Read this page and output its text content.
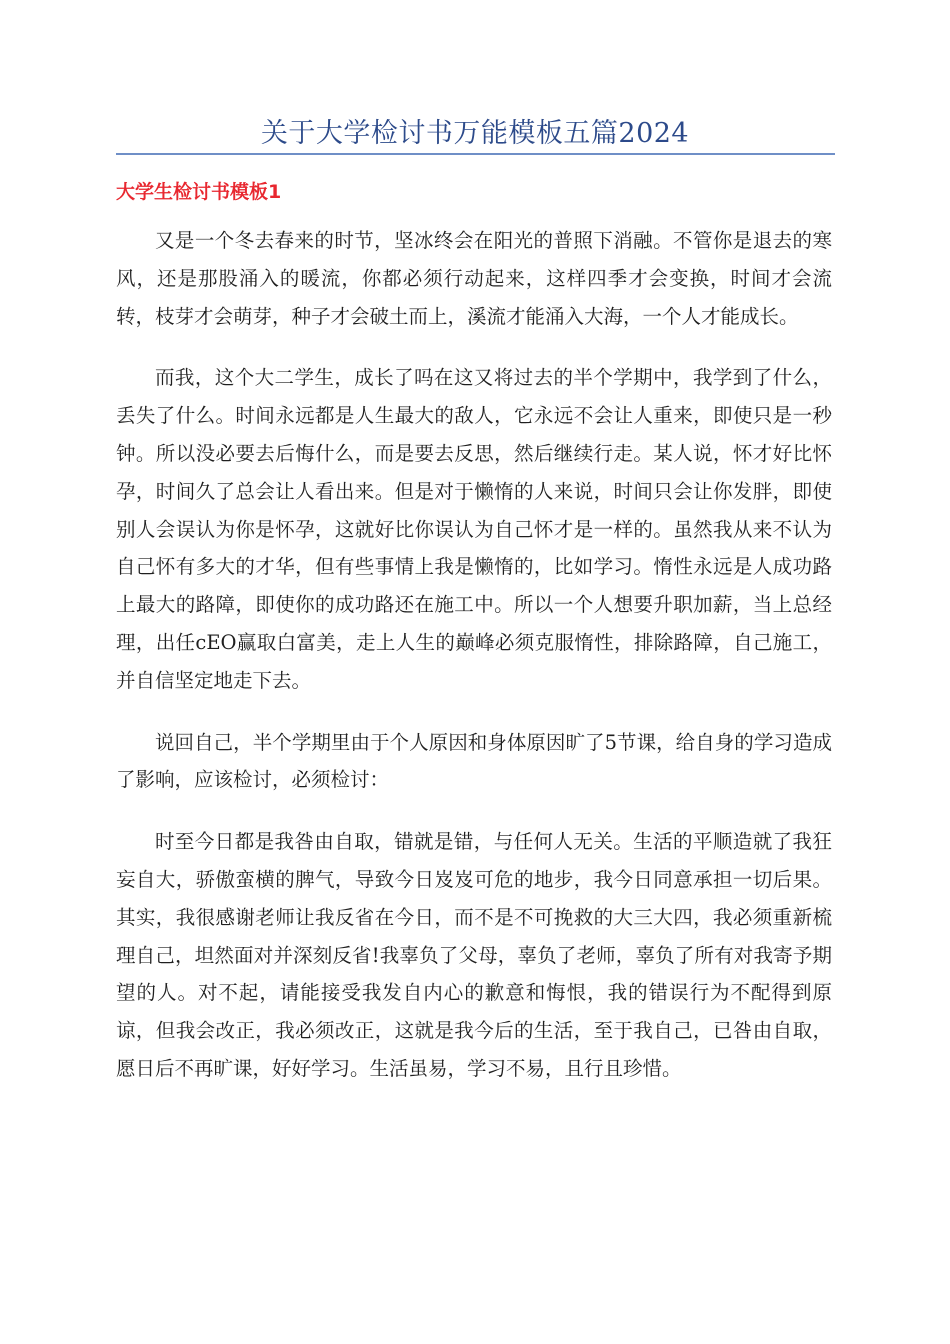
关于大学检讨书万能模板五篇2024
大学生检讨书模板1

又是一个冬去春来的时节，坚冰终会在阳光的普照下消融。不管你是退去的寒风，还是那股涌入的暖流，你都必须行动起来，这样四季才会变换，时间才会流转，枝芽才会萌芽，种子才会破土而上，溪流才能涌入大海，一个人才能成长。

而我，这个大二学生，成长了吗在这又将过去的半个学期中，我学到了什么，丢失了什么。时间永远都是人生最大的敌人，它永远不会让人重来，即使只是一秒钟。所以没必要去后悔什么，而是要去反思，然后继续行走。某人说，怀才好比怀孕，时间久了总会让人看出来。但是对于懒惰的人来说，时间只会让你发胖，即使别人会误认为你是怀孕，这就好比你误认为自己怀才是一样的。虽然我从来不认为自己怀有多大的才华，但有些事情上我是懒惰的，比如学习。惰性永远是人成功路上最大的路障，即使你的成功路还在施工中。所以一个人想要升职加薪，当上总经理，出任cEO赢取白富美，走上人生的巅峰必须克服惰性，排除路障，自己施工，并自信坚定地走下去。

说回自己，半个学期里由于个人原因和身体原因旷了5节课，给自身的学习造成了影响，应该检讨，必须检讨：

时至今日都是我咎由自取，错就是错，与任何人无关。生活的平顺造就了我狂妄自大，骄傲蛮横的脾气，导致今日岌岌可危的地步，我今日同意承担一切后果。其实，我很感谢老师让我反省在今日，而不是不可挽救的大三大四，我必须重新梳理自己，坦然面对并深刻反省!我辜负了父母，辜负了老师，辜负了所有对我寄予期望的人。对不起，请能接受我发自内心的歉意和悔恨，我的错误行为不配得到原谅，但我会改正，我必须改正，这就是我今后的生活，至于我自己，已咎由自取，愿日后不再旷课，好好学习。生活虽易，学习不易，且行且珍惜。
